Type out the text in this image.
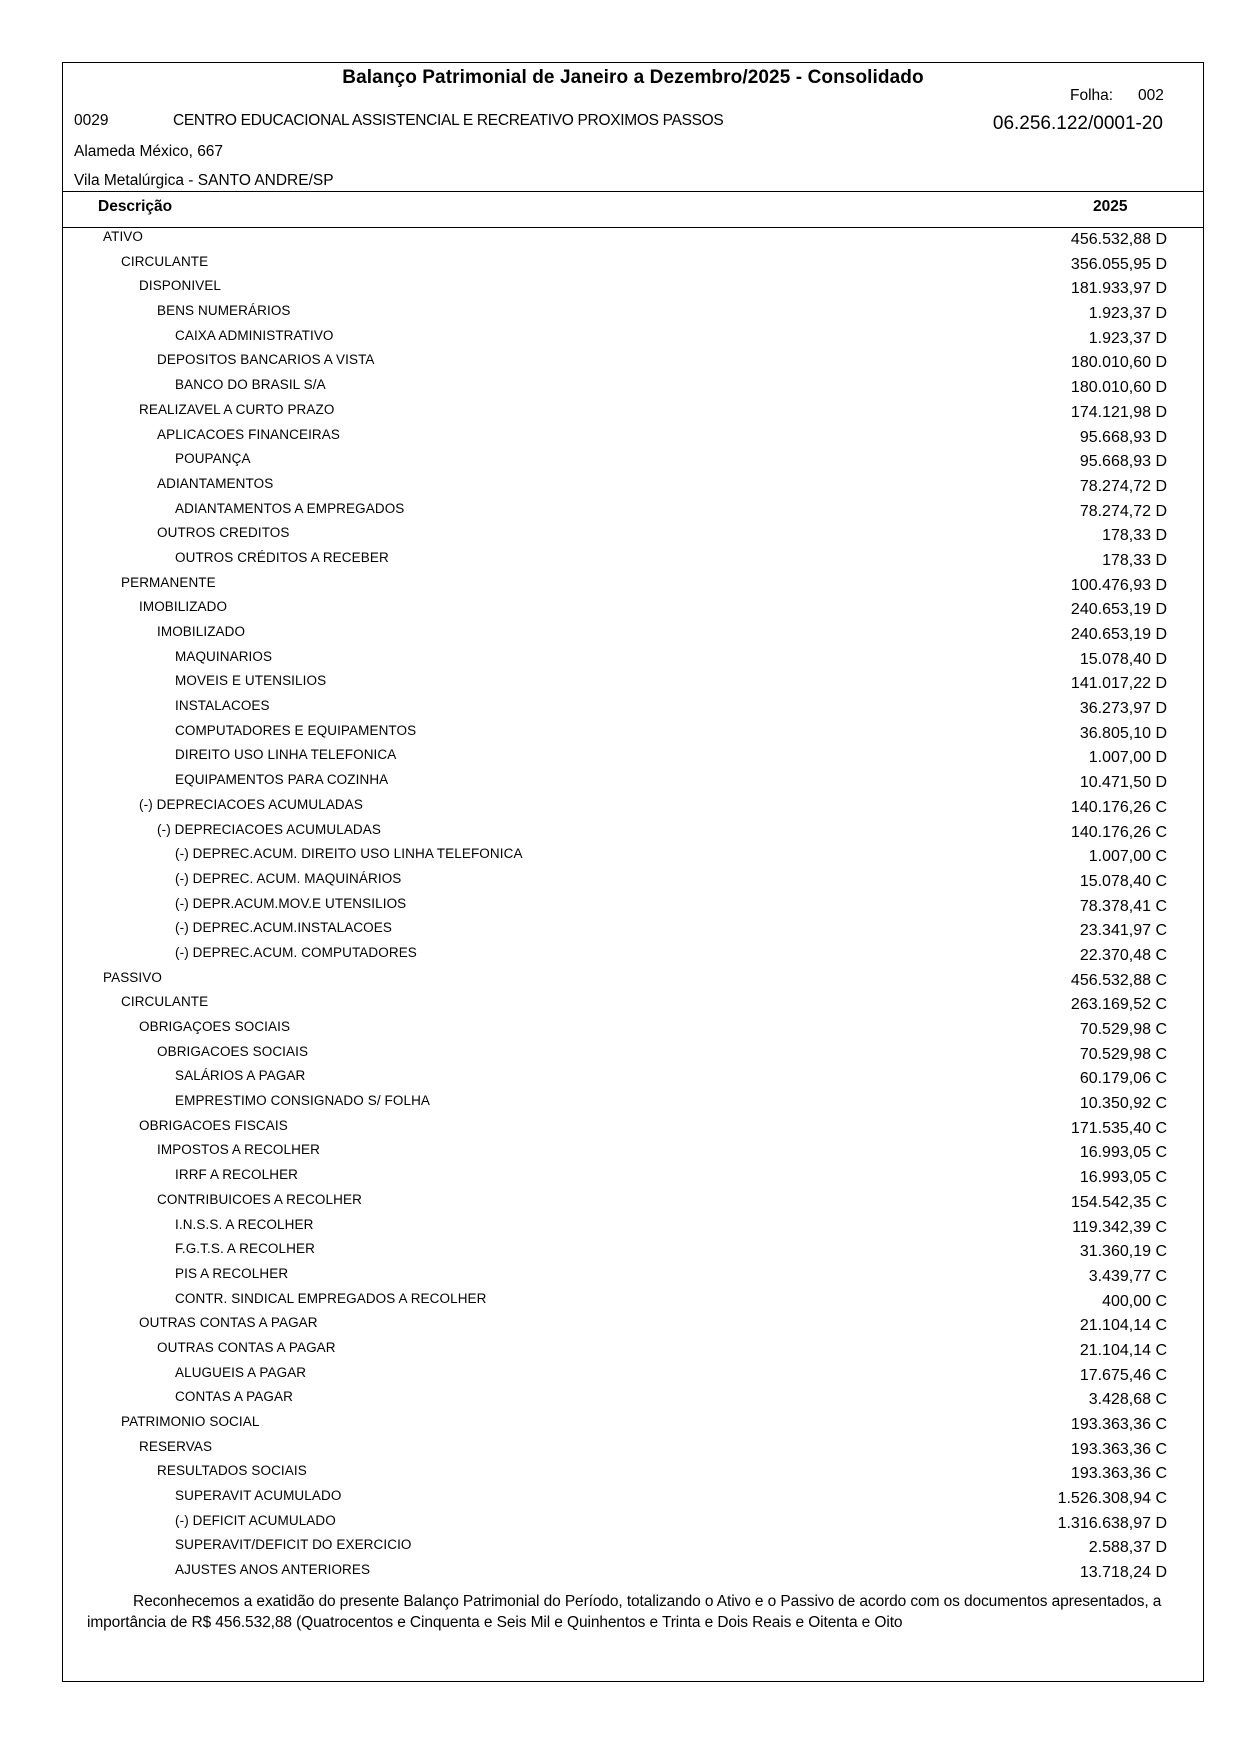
Balanço Patrimonial de Janeiro a Dezembro/2025 - Consolidado
Folha: 002
0029	CENTRO EDUCACIONAL ASSISTENCIAL E RECREATIVO PROXIMOS PASSOS	06.256.122/0001-20
Alameda México, 667
Vila Metalúrgica - SANTO ANDRE/SP
Descrição	2025
ATIVO	456.532,88 D
CIRCULANTE	356.055,95 D
DISPONIVEL	181.933,97 D
BENS NUMERÁRIOS	1.923,37 D
CAIXA ADMINISTRATIVO	1.923,37 D
DEPOSITOS BANCARIOS A VISTA	180.010,60 D
BANCO DO BRASIL S/A	180.010,60 D
REALIZAVEL A CURTO PRAZO	174.121,98 D
APLICACOES FINANCEIRAS	95.668,93 D
POUPANÇA	95.668,93 D
ADIANTAMENTOS	78.274,72 D
ADIANTAMENTOS A EMPREGADOS	78.274,72 D
OUTROS CREDITOS	178,33 D
OUTROS CRÉDITOS A RECEBER	178,33 D
PERMANENTE	100.476,93 D
IMOBILIZADO	240.653,19 D
IMOBILIZADO	240.653,19 D
MAQUINARIOS	15.078,40 D
MOVEIS E UTENSILIOS	141.017,22 D
INSTALACOES	36.273,97 D
COMPUTADORES E EQUIPAMENTOS	36.805,10 D
DIREITO USO LINHA TELEFONICA	1.007,00 D
EQUIPAMENTOS PARA COZINHA	10.471,50 D
(-) DEPRECIACOES ACUMULADAS	140.176,26 C
(-) DEPRECIACOES ACUMULADAS	140.176,26 C
(-) DEPREC.ACUM. DIREITO USO LINHA TELEFONICA	1.007,00 C
(-) DEPREC. ACUM. MAQUINÁRIOS	15.078,40 C
(-) DEPR.ACUM.MOV.E UTENSILIOS	78.378,41 C
(-) DEPREC.ACUM.INSTALACOES	23.341,97 C
(-) DEPREC.ACUM. COMPUTADORES	22.370,48 C
PASSIVO	456.532,88 C
CIRCULANTE	263.169,52 C
OBRIGAÇOES SOCIAIS	70.529,98 C
OBRIGACOES SOCIAIS	70.529,98 C
SALÁRIOS A PAGAR	60.179,06 C
EMPRESTIMO CONSIGNADO S/ FOLHA	10.350,92 C
OBRIGACOES FISCAIS	171.535,40 C
IMPOSTOS A RECOLHER	16.993,05 C
IRRF A RECOLHER	16.993,05 C
CONTRIBUICOES A RECOLHER	154.542,35 C
I.N.S.S. A RECOLHER	119.342,39 C
F.G.T.S. A RECOLHER	31.360,19 C
PIS A RECOLHER	3.439,77 C
CONTR. SINDICAL EMPREGADOS A RECOLHER	400,00 C
OUTRAS CONTAS A PAGAR	21.104,14 C
OUTRAS CONTAS A PAGAR	21.104,14 C
ALUGUEIS A PAGAR	17.675,46 C
CONTAS A PAGAR	3.428,68 C
PATRIMONIO SOCIAL	193.363,36 C
RESERVAS	193.363,36 C
RESULTADOS SOCIAIS	193.363,36 C
SUPERAVIT ACUMULADO	1.526.308,94 C
(-) DEFICIT ACUMULADO	1.316.638,97 D
SUPERAVIT/DEFICIT DO EXERCICIO	2.588,37 D
AJUSTES ANOS ANTERIORES	13.718,24 D
Reconhecemos a exatidão do presente Balanço Patrimonial do Período, totalizando o Ativo e o Passivo de acordo com os documentos apresentados, a importância de R$ 456.532,88 (Quatrocentos e Cinquenta e Seis Mil e Quinhentos e Trinta e Dois Reais e Oitenta e Oito
